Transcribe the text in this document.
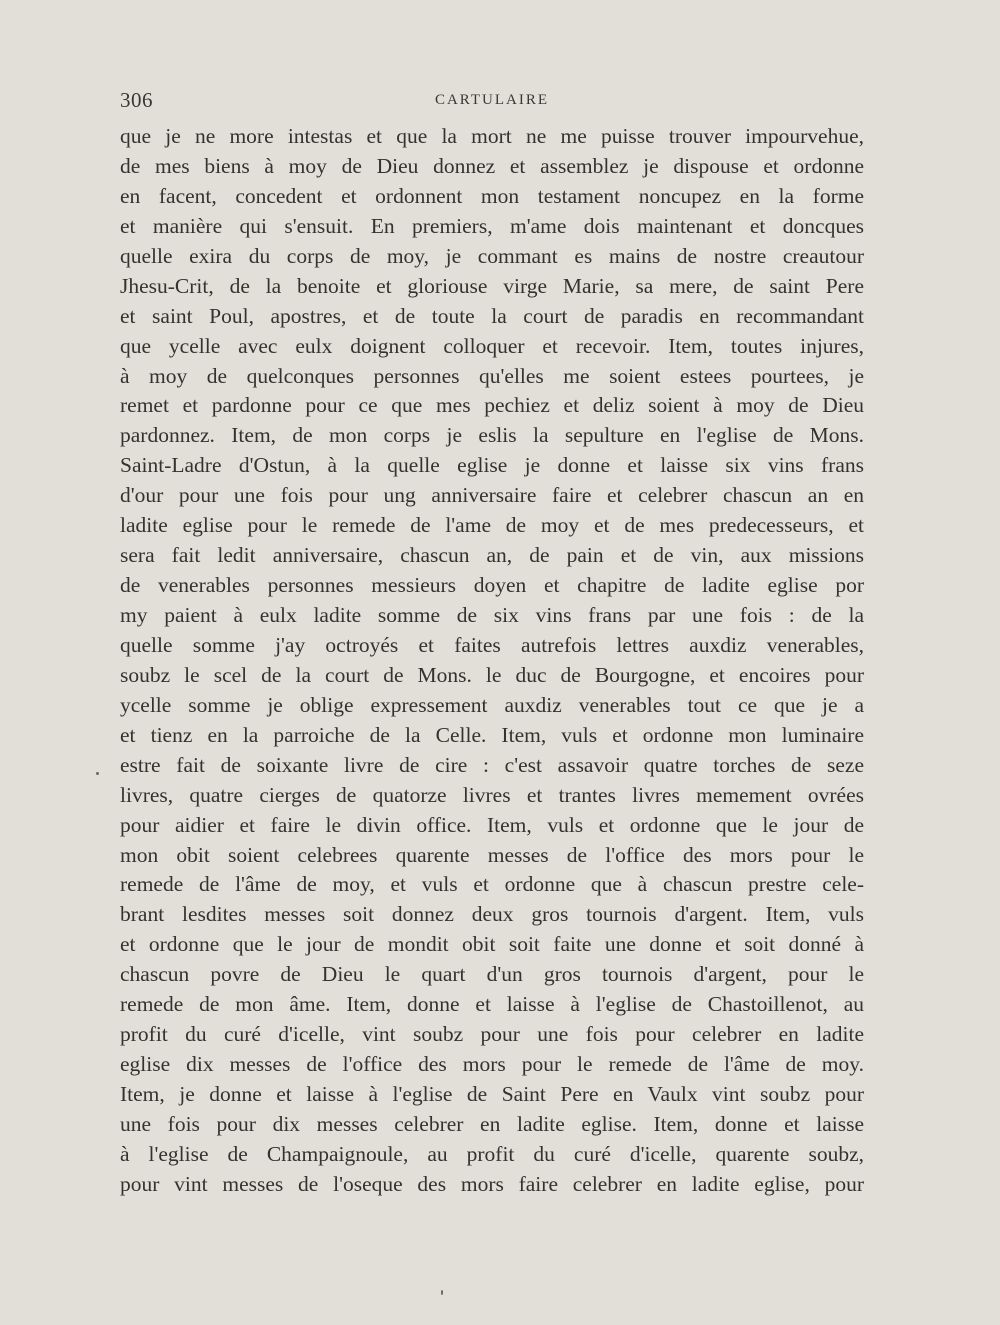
306	CARTULAIRE
que je ne more intestas et que la mort ne me puisse trouver impourvehue,
de mes biens à moy de Dieu donnez et assemblez je dispouse et ordonne
en facent, concedent et ordonnent mon testament noncupez en la forme
et manière qui s'ensuit. En premiers, m'ame dois maintenant et doncques
quelle exira du corps de moy, je commant es mains de nostre creautour
Jhesu-Crit, de la benoite et gloriouse virge Marie, sa mere, de saint Pere
et saint Poul, apostres, et de toute la court de paradis en recommandant
que ycelle avec eulx doignent colloquer et recevoir. Item, toutes injures,
à moy de quelconques personnes qu'elles me soient estees pourtees, je
remet et pardonne pour ce que mes pechiez et deliz soient à moy de Dieu
pardonnez. Item, de mon corps je eslis la sepulture en l'eglise de Mons.
Saint-Ladre d'Ostun, à la quelle eglise je donne et laisse six vins frans
d'our pour une fois pour ung anniversaire faire et celebrer chascun an en
ladite eglise pour le remede de l'ame de moy et de mes predecesseurs, et
sera fait ledit anniversaire, chascun an, de pain et de vin, aux missions
de venerables personnes messieurs doyen et chapitre de ladite eglise por
my paient à eulx ladite somme de six vins frans par une fois : de la
quelle somme j'ay octroyés et faites autrefois lettres auxdiz venerables,
soubz le scel de la court de Mons. le duc de Bourgogne, et encoires pour
ycelle somme je oblige expressement auxdiz venerables tout ce que je a
et tienz en la parroiche de la Celle. Item, vuls et ordonne mon luminaire
estre fait de soixante livre de cire : c'est assavoir quatre torches de seze
livres, quatre cierges de quatorze livres et trantes livres memement ovrées
pour aidier et faire le divin office. Item, vuls et ordonne que le jour de
mon obit soient celebrees quarente messes de l'office des mors pour le
remede de l'âme de moy, et vuls et ordonne que à chascun prestre cele-
brant lesdites messes soit donnez deux gros tournois d'argent. Item, vuls
et ordonne que le jour de mondit obit soit faite une donne et soit donné à
chascun povre de Dieu le quart d'un gros tournois d'argent, pour le
remede de mon âme. Item, donne et laisse à l'eglise de Chastoillenot, au
profit du curé d'icelle, vint soubz pour une fois pour celebrer en ladite
eglise dix messes de l'office des mors pour le remede de l'âme de moy.
Item, je donne et laisse à l'eglise de Saint Pere en Vaulx vint soubz pour
une fois pour dix messes celebrer en ladite eglise. Item, donne et laisse
à l'eglise de Champaignoule, au profit du curé d'icelle, quarente soubz,
pour vint messes de l'oseque des mors faire celebrer en ladite eglise, pour
